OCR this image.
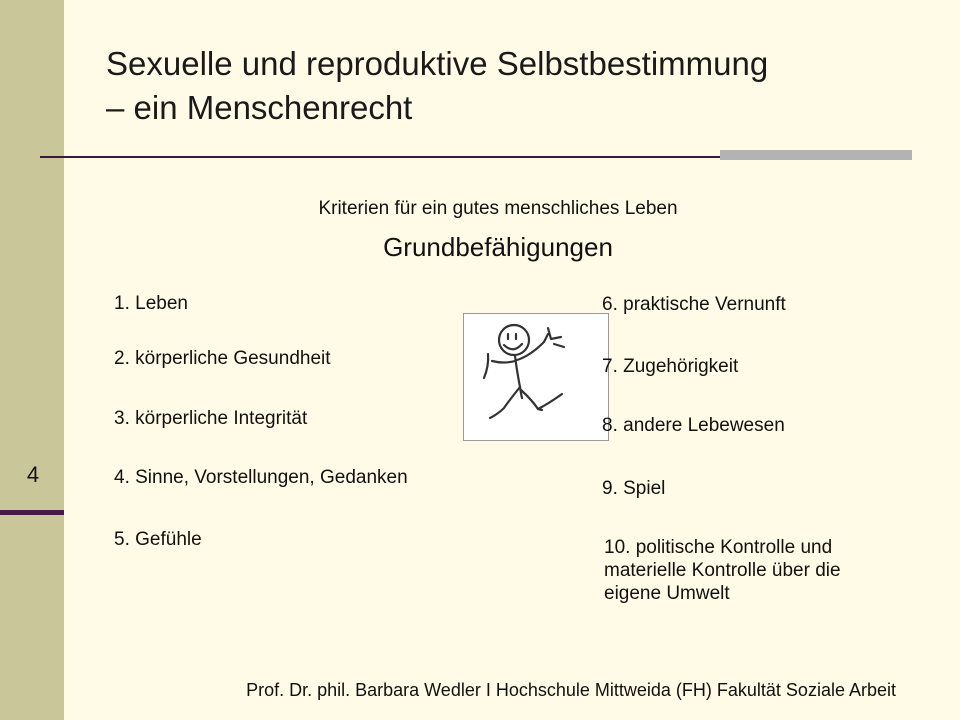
4
Sexuelle und reproduktive Selbstbestimmung
– ein Menschenrecht
Kriterien für ein gutes menschliches Leben
Grundbefähigungen
1. Leben
2. körperliche Gesundheit
3. körperliche Integrität
4. Sinne, Vorstellungen, Gedanken
5. Gefühle
6. praktische Vernunft
7. Zugehörigkeit
8. andere Lebewesen
9. Spiel
10. politische Kontrolle und
materielle Kontrolle über die
eigene Umwelt
Prof. Dr. phil. Barbara Wedler I Hochschule Mittweida (FH) Fakultät Soziale Arbeit
